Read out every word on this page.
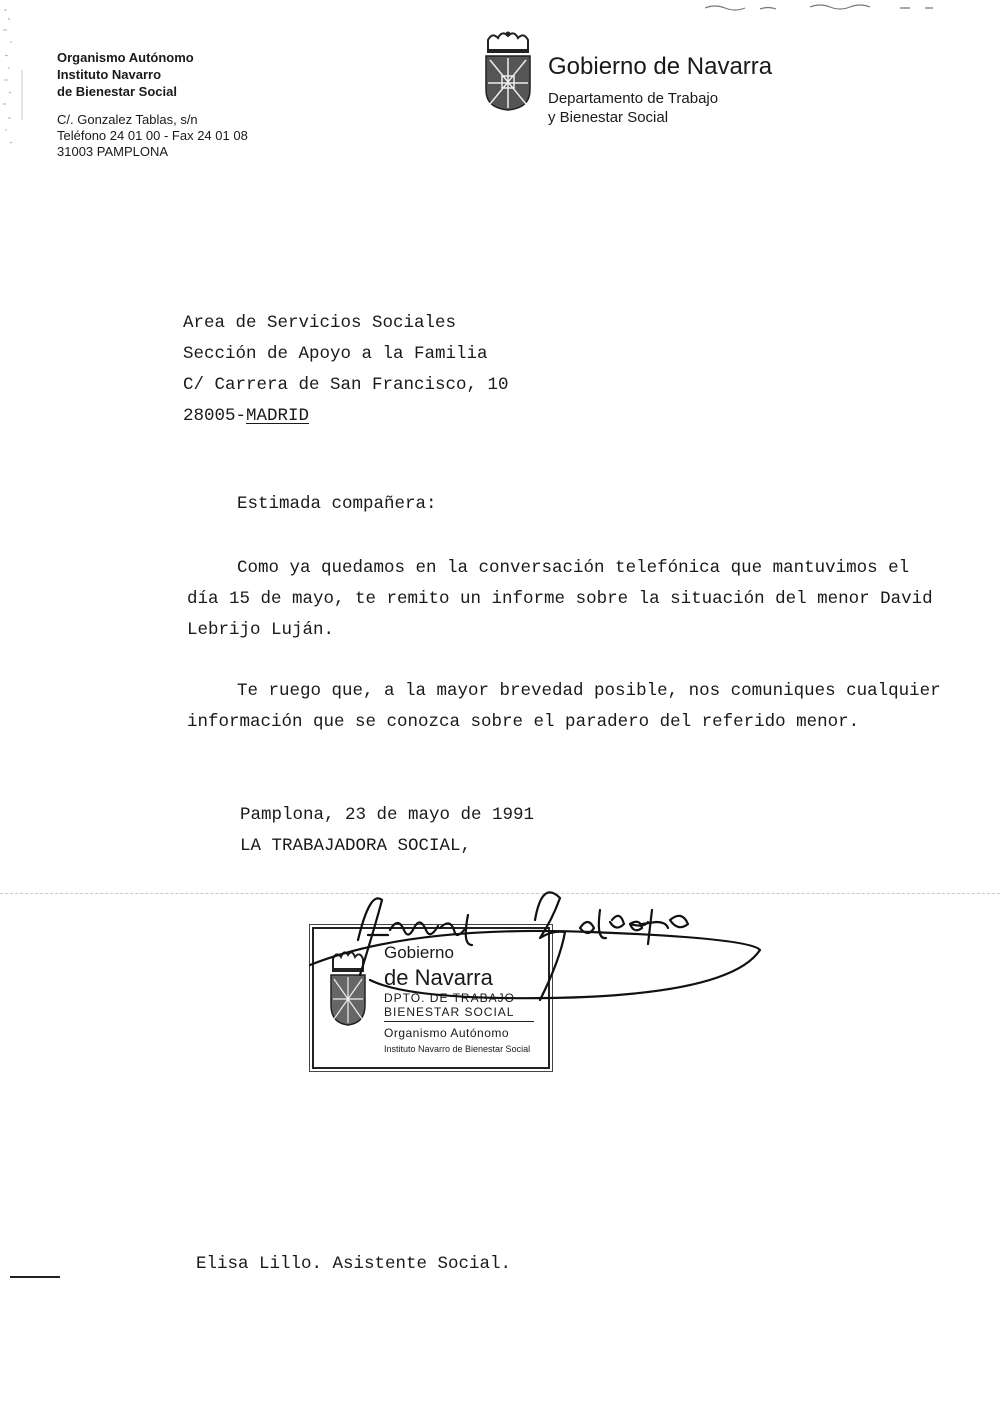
Organismo Autónomo
Instituto Navarro
de Bienestar Social
C/. Gonzalez Tablas, s/n
Teléfono 24 01 00 - Fax 24 01 08
31003 PAMPLONA
Gobierno de Navarra
Departamento de Trabajo
y Bienestar Social
Area de Servicios Sociales
Sección de Apoyo a la Familia
C/ Carrera de San Francisco, 10
28005-MADRID
Estimada compañera:
Como ya quedamos en la conversación telefónica que mantuvimos el día 15 de mayo, te remito un informe sobre la situación del menor David Lebrijo Luján.
Te ruego que, a la mayor brevedad posible, nos comuniques cualquier información que se conozca sobre el paradero del referido menor.
Pamplona, 23 de mayo de 1991
LA TRABAJADORA SOCIAL,
Gobierno
de Navarra
DPTO. DE TRABAJO
BIENESTAR SOCIAL
Organismo Autónomo
Instituto Navarro de Bienestar Social
Elisa Lillo. Asistente Social.
